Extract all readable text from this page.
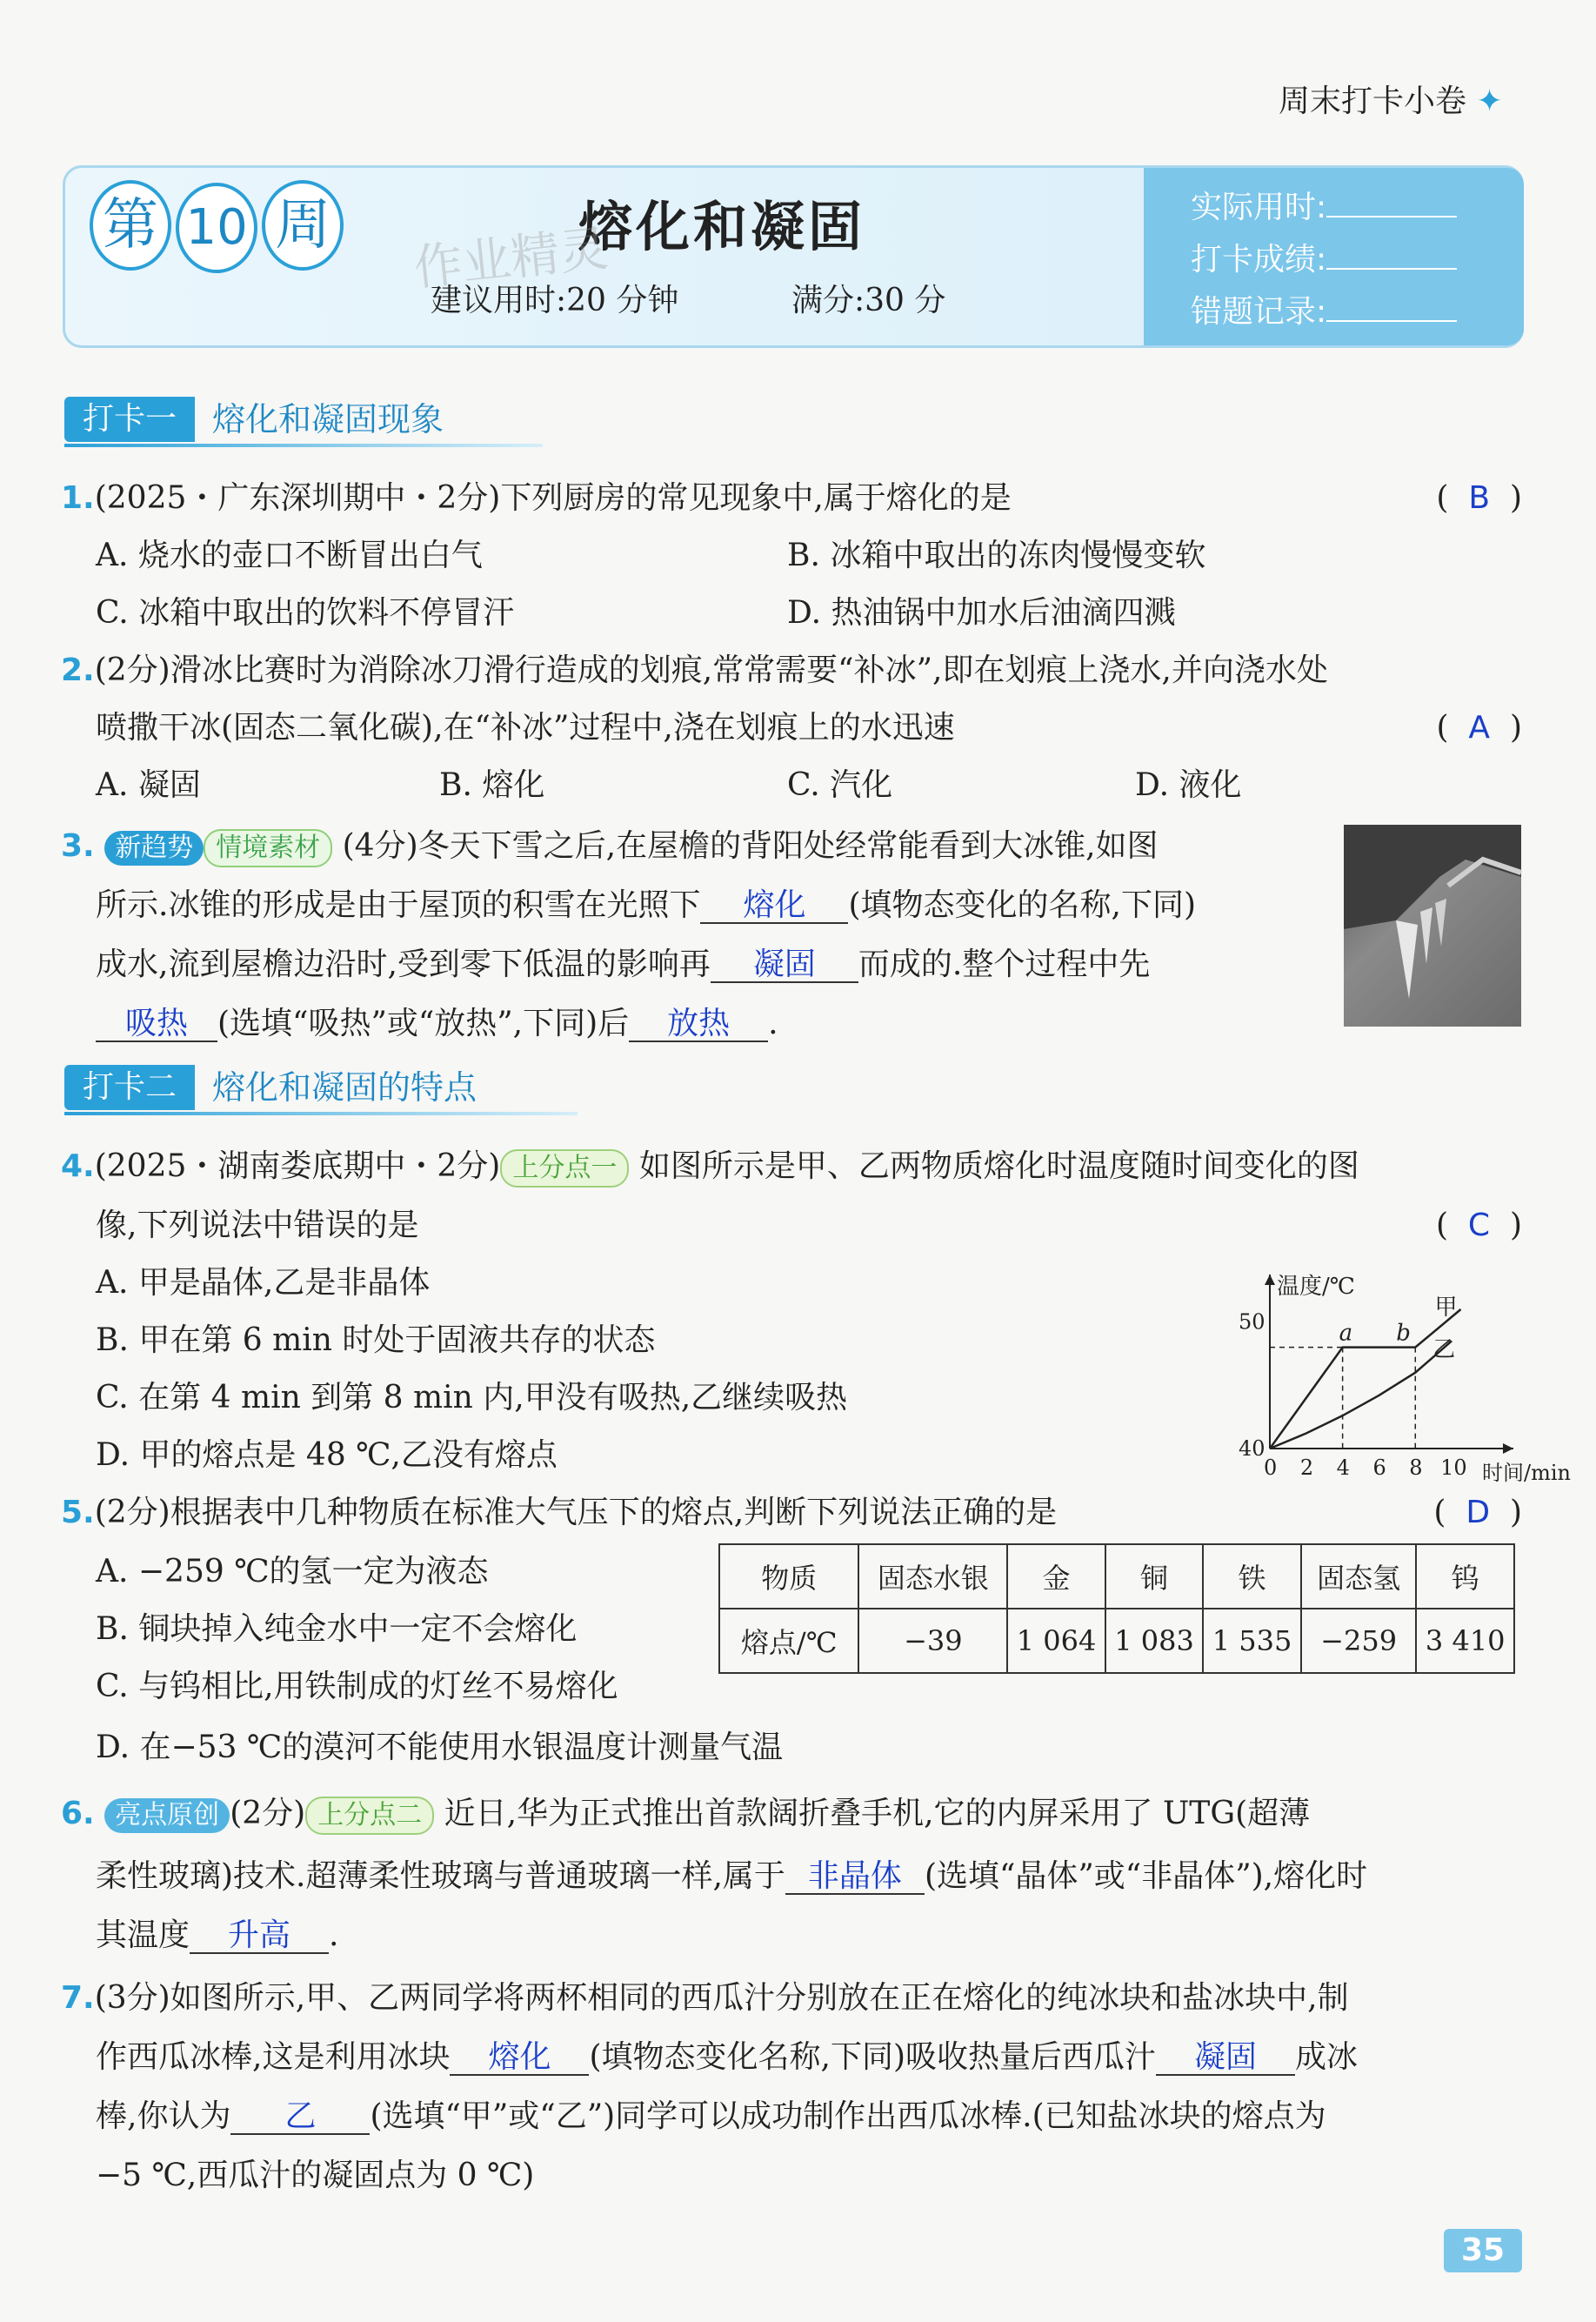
周末打卡小卷 ✦
第 10 周	熔化和凝固
作业精灵
建议用时:20 分钟	满分:30 分
实际用时:
打卡成绩:
错题记录:
打卡一	熔化和凝固现象
1.(2025・广东深圳期中・2分)下列厨房的常见现象中,属于熔化的是	(  B  )
A. 烧水的壶口不断冒出白气	B. 冰箱中取出的冻肉慢慢变软
C. 冰箱中取出的饮料不停冒汗	D. 热油锅中加水后油滴四溅
2.(2分)滑冰比赛时为消除冰刀滑行造成的划痕,常常需要“补冰”,即在划痕上浇水,并向浇水处
喷撒干冰(固态二氧化碳),在“补冰”过程中,浇在划痕上的水迅速	(  A  )
A. 凝固	B. 熔化	C. 汽化	D. 液化
3. 新趋势 情境素材 (4分)冬天下雪之后,在屋檐的背阳处经常能看到大冰锥,如图
所示.冰锥的形成是由于屋顶的积雪在光照下 熔化 (填物态变化的名称,下同)
成水,流到屋檐边沿时,受到零下低温的影响再 凝固 而成的.整个过程中先
吸热 (选填“吸热”或“放热”,下同)后 放热 .
打卡二	熔化和凝固的特点
4.(2025・湖南娄底期中・2分) 上分点一 如图所示是甲、乙两物质熔化时温度随时间变化的图
像,下列说法中错误的是	(  C  )
A. 甲是晶体,乙是非晶体
B. 甲在第 6 min 时处于固液共存的状态
C. 在第 4 min 到第 8 min 内,甲没有吸热,乙继续吸热
D. 甲的熔点是 48 ℃,乙没有熔点
温度/℃
时间/min
0 2 4 6 8 10
40
50	a b
甲
乙
5.(2分)根据表中几种物质在标准大气压下的熔点,判断下列说法正确的是	(  D  )
A. −259 ℃的氢一定为液态
B. 铜块掉入纯金水中一定不会熔化
C. 与钨相比,用铁制成的灯丝不易熔化
D. 在−53 ℃的漠河不能使用水银温度计测量气温
物质	固态水银	金	铜	铁	固态氢	钨
熔点/℃	−39	1 064	1 083	1 535	−259	3 410
6. 亮点原创 (2分) 上分点二 近日,华为正式推出首款阔折叠手机,它的内屏采用了 UTG(超薄
柔性玻璃)技术.超薄柔性玻璃与普通玻璃一样,属于 非晶体 (选填“晶体”或“非晶体”),熔化时
其温度 升高 .
7.(3分)如图所示,甲、乙两同学将两杯相同的西瓜汁分别放在正在熔化的纯冰块和盐冰块中,制
作西瓜冰棒,这是利用冰块 熔化 (填物态变化名称,下同)吸收热量后西瓜汁 凝固 成冰
棒,你认为 乙 (选填“甲”或“乙”)同学可以成功制作出西瓜冰棒.(已知盐冰块的熔点为
−5 ℃,西瓜汁的凝固点为 0 ℃)
35
